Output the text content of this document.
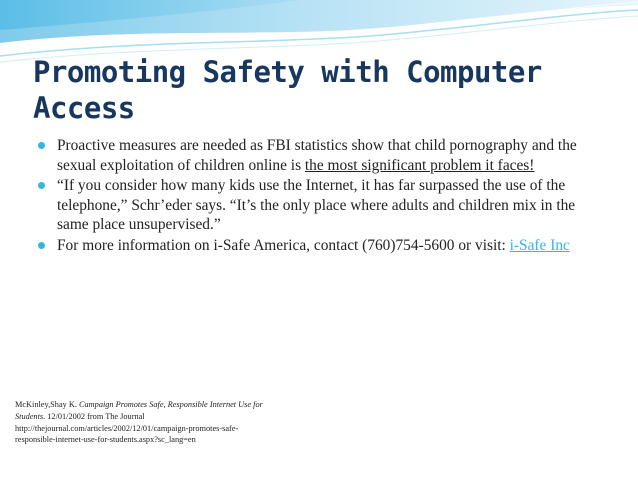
Promoting Safety with Computer
Access
Proactive measures are needed as FBI statistics show that child pornography and the sexual exploitation of children online is the most significant problem it faces!
“If you consider how many kids use the Internet, it has far surpassed the use of the telephone,” Schr’eder says. “It’s the only place where adults and children mix in the same place unsupervised.”
For more information on i-Safe America, contact (760)754-5600 or visit: i-Safe Inc
McKinley,Shay K. Campaign Promotes Safe, Responsible Internet Use for Students. 12/01/2002 from The Journal http://thejournal.com/articles/2002/12/01/campaign-promotes-safe-responsible-internet-use-for-students.aspx?sc_lang=en
